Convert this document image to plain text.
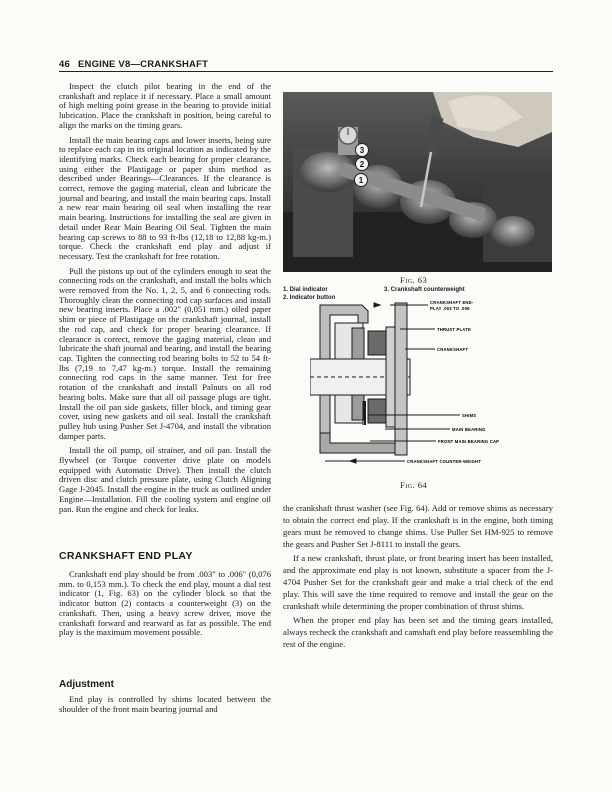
46 ENGINE V8—CRANKSHAFT

Inspect the clutch pilot bearing in the end of the crankshaft and replace it if necessary. Place a small amount of high melting point grease in the bearing to provide initial lubrication. Place the crankshaft in position, being careful to align the marks on the timing gears.

Install the main bearing caps and lower inserts, being sure to replace each cap in its original location as indicated by the identifying marks. Check each bearing for proper clearance, using either the Plastigage or paper shim method as described under Bearings—Clearances. If the clearance is correct, remove the gaging material, clean and lubricate the journal and bearing, and install the main bearing caps. Install a new rear main bearing oil seal when installing the rear main bearing. Instructions for installing the seal are given in detail under Rear Main Bearing Oil Seal. Tighten the main bearing cap screws to 88 to 93 ft-lbs (12,18 to 12,88 kg-m.) torque. Check the crankshaft end play and adjust if necessary. Test the crankshaft for free rotation.

Pull the pistons up out of the cylinders enough to seat the connecting rods on the crankshaft, and install the bolts which were removed from the No. 1, 2, 5, and 6 connecting rods. Thoroughly clean the connecting rod cap surfaces and install new bearing inserts. Place a .002" (0,051 mm.) oiled paper shim or piece of Plastigage on the crankshaft journal, install the rod cap, and check for proper bearing clearance. If clearance is correct, remove the gaging material, clean and lubricate the shaft journal and bearing, and install the bearing cap. Tighten the connecting rod bearing bolts to 52 to 54 ft-lbs (7,19 to 7,47 kg-m.) torque. Install the remaining connecting rod caps in the same manner. Test for free rotation of the crankshaft and install Palnuts on all rod bearing bolts. Make sure that all oil passage plugs are tight. Install the oil pan side gaskets, filler block, and timing gear cover, using new gaskets and oil seal. Install the crankshaft pulley hub using Pusher Set J-4704, and install the vibration damper parts.

Install the oil pump, oil strainer, and oil pan. Install the flywheel (or Torque converter drive plate on models equipped with Automatic Drive). Then install the clutch driven disc and clutch pressure plate, using Clutch Aligning Gage J-2045. Install the engine in the truck as outlined under Engine—Installation. Fill the cooling system and engine oil pan. Run the engine and check for leaks.

CRANKSHAFT END PLAY

Crankshaft end play should be from .003" to .006" (0,076 mm. to 0,153 mm.). To check the end play, mount a dial test indicator (1, Fig. 63) on the cylinder block so that the indicator button (2) contacts a counterweight (3) on the crankshaft. Then, using a heavy screw driver, move the crankshaft forward and rearward as far as possible. The end play is the maximum movement possible.

Adjustment

End play is controlled by shims located between the shoulder of the front main bearing journal and

3
2
1
Fig. 63
1. Dial indicator
2. Indicator button
3. Crankshaft counterweight
CRANKSHAFT END-
PLAY .003 TO .006
THRUST PLATE
CRANKSHAFT
SHIMS
MAIN BEARING
FRONT MAIN BEARING CAP
CRANKSHAFT COUNTER-WEIGHT
Fig. 64

the crankshaft thrust washer (see Fig. 64). Add or remove shims as necessary to obtain the correct end play. If the crankshaft is in the engine, both timing gears must be removed to change shims. Use Puller Set HM-925 to remove the gears and Pusher Set J-8111 to install the gears.

If a new crankshaft, thrust plate, or front bearing insert has been installed, and the approximate end play is not known, substitute a spacer from the J-4704 Pusher Set for the crankshaft gear and make a trial check of the end play. This will save the time required to remove and install the gear on the crankshaft while determining the proper combination of thrust shims.

When the proper end play has been set and the timing gears installed, always recheck the crankshaft and camshaft end play before reassembling the rest of the engine.
